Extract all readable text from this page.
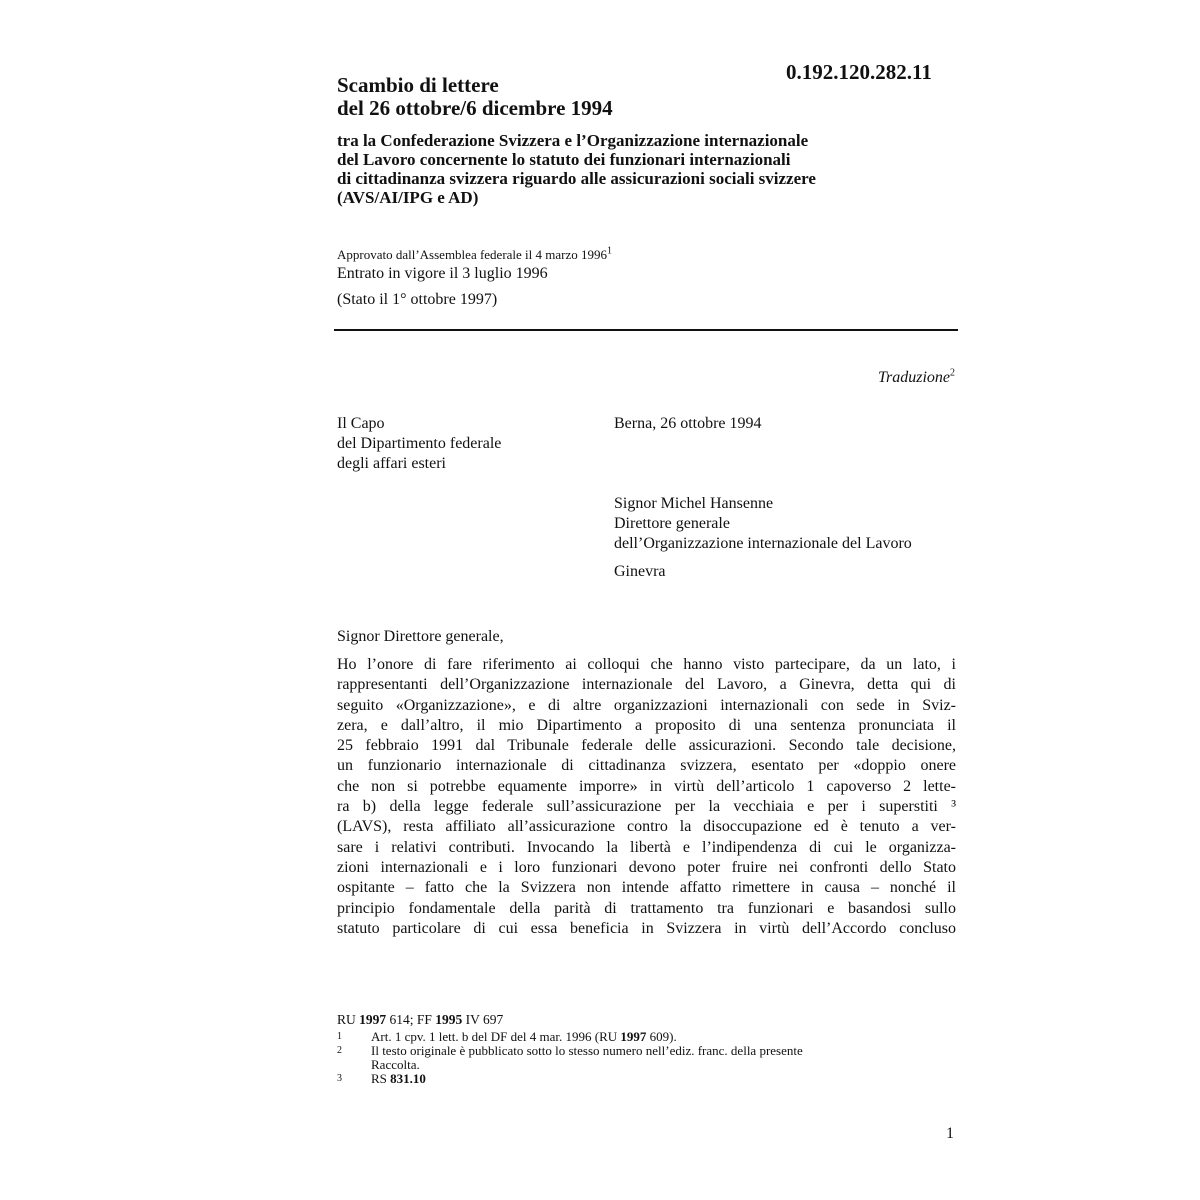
0.192.120.282.11
Scambio di lettere
del 26 ottobre/6 dicembre 1994
tra la Confederazione Svizzera e l’Organizzazione internazionale
del Lavoro concernente lo statuto dei funzionari internazionali
di cittadinanza svizzera riguardo alle assicurazioni sociali svizzere
(AVS/AI/IPG e AD)
Approvato dall’Assemblea federale il 4 marzo 1996$^1$
Entrato in vigore il 3 luglio 1996
(Stato il 1° ottobre 1997)
Traduzione$^2$
Il Capo
del Dipartimento federale
degli affari esteri
Berna, 26 ottobre 1994
Signor Michel Hansenne
Direttore generale
dell’Organizzazione internazionale del Lavoro
Ginevra
Signor Direttore generale,
Ho l’onore di fare riferimento ai colloqui che hanno visto partecipare, da un lato, i
rappresentanti dell’Organizzazione internazionale del Lavoro, a Ginevra, detta qui di
seguito «Organizzazione», e di altre organizzazioni internazionali con sede in Sviz-
zera, e dall’altro, il mio Dipartimento a proposito di una sentenza pronunciata il
25 febbraio 1991 dal Tribunale federale delle assicurazioni. Secondo tale decisione,
un funzionario internazionale di cittadinanza svizzera, esentato per «doppio onere
che non si potrebbe equamente imporre» in virtù dell’articolo 1 capoverso 2 lette-
ra b) della legge federale sull’assicurazione per la vecchiaia e per i superstiti ³
(LAVS), resta affiliato all’assicurazione contro la disoccupazione ed è tenuto a ver-
sare i relativi contributi. Invocando la libertà e l’indipendenza di cui le organizza-
zioni internazionali e i loro funzionari devono poter fruire nei confronti dello Stato
ospitante – fatto che la Svizzera non intende affatto rimettere in causa – nonché il
principio fondamentale della parità di trattamento tra funzionari e basandosi sullo
statuto particolare di cui essa beneficia in Svizzera in virtù dell’Accordo concluso
RU 1997 614; FF 1995 IV 697
1	Art. 1 cpv. 1 lett. b del DF del 4 mar. 1996 (RU 1997 609).
2	Il testo originale è pubblicato sotto lo stesso numero nell’ediz. franc. della presente
Raccolta.
3	RS 831.10
1
